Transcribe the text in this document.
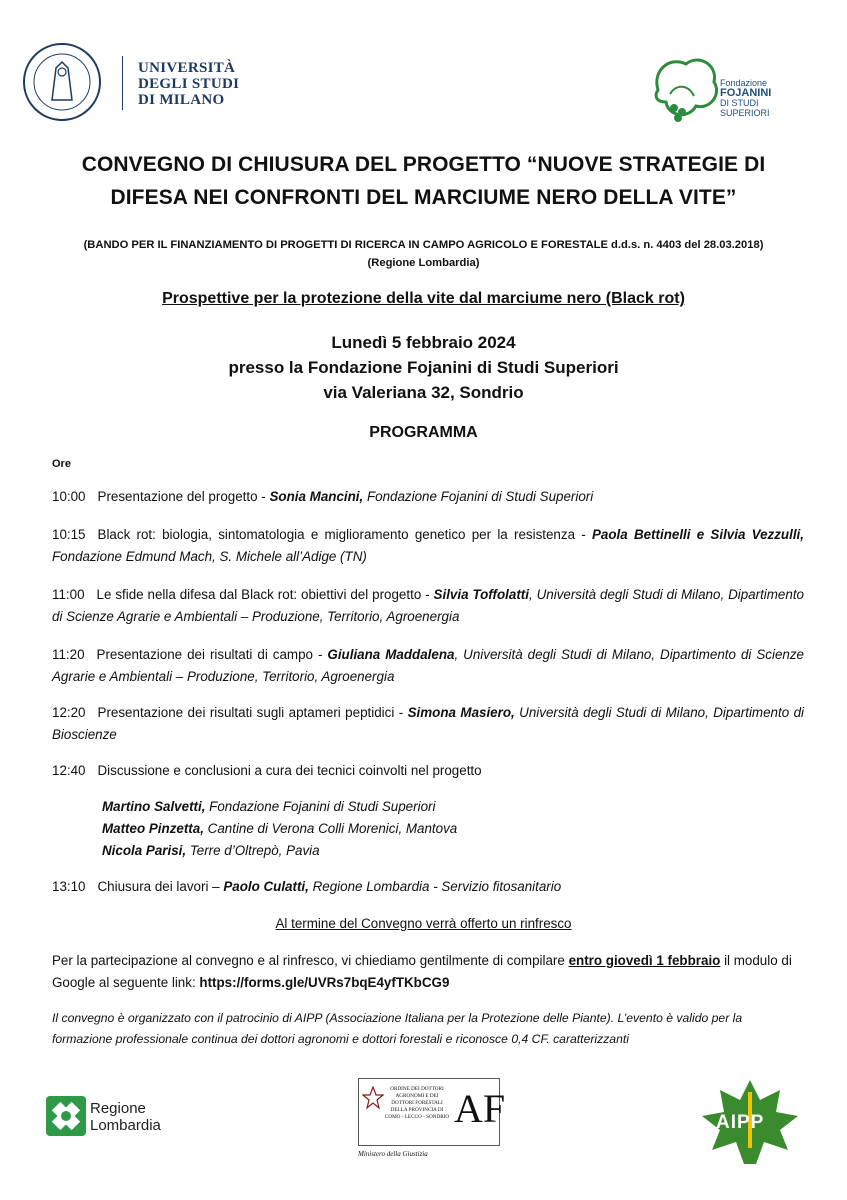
UNIVERSITÀ
DEGLI STUDI
DI MILANO
Fondazione
FOJANINI
DI STUDI
SUPERIORI
CONVEGNO DI CHIUSURA DEL PROGETTO “NUOVE STRATEGIE DI
DIFESA NEI CONFRONTI DEL MARCIUME NERO DELLA VITE”
(BANDO PER IL FINANZIAMENTO DI PROGETTI DI RICERCA IN CAMPO AGRICOLO E FORESTALE d.d.s. n. 4403 del 28.03.2018)
(Regione Lombardia)
Prospettive per la protezione della vite dal marciume nero (Black rot)
Lunedì 5 febbraio 2024
presso la Fondazione Fojanini di Studi Superiori
via Valeriana 32, Sondrio
PROGRAMMA
Ore
10:00 Presentazione del progetto - Sonia Mancini, Fondazione Fojanini di Studi Superiori
10:15 Black rot: biologia, sintomatologia e miglioramento genetico per la resistenza - Paola Bettinelli e Silvia Vezzulli, Fondazione Edmund Mach, S. Michele all’Adige (TN)
11:00 Le sfide nella difesa dal Black rot: obiettivi del progetto - Silvia Toffolatti, Università degli Studi di Milano, Dipartimento di Scienze Agrarie e Ambientali – Produzione, Territorio, Agroenergia
11:20 Presentazione dei risultati di campo - Giuliana Maddalena, Università degli Studi di Milano, Dipartimento di Scienze Agrarie e Ambientali – Produzione, Territorio, Agroenergia
12:20 Presentazione dei risultati sugli aptameri peptidici - Simona Masiero, Università degli Studi di Milano, Dipartimento di Bioscienze
12:40 Discussione e conclusioni a cura dei tecnici coinvolti nel progetto
Martino Salvetti, Fondazione Fojanini di Studi Superiori
Matteo Pinzetta, Cantine di Verona Colli Morenici, Mantova
Nicola Parisi, Terre d’Oltrepò, Pavia
13:10 Chiusura dei lavori – Paolo Culatti, Regione Lombardia - Servizio fitosanitario
Al termine del Convegno verrà offerto un rinfresco
Per la partecipazione al convegno e al rinfresco, vi chiediamo gentilmente di compilare entro giovedì 1 febbraio il modulo di Google al seguente link: https://forms.gle/UVRs7bqE4yfTKbCG9
Il convegno è organizzato con il patrocinio di AIPP (Associazione Italiana per la Protezione delle Piante). L’evento è valido per la formazione professionale continua dei dottori agronomi e dottori forestali e riconosce 0,4 CF. caratterizzanti
Regione
Lombardia
ORDINE DEI DOTTORI AGRONOMI E DEI DOTTORI FORESTALI DELLA PROVINCIA DI COMO - LECCO - SONDRIO AF
Ministero della Giustizia
AIPP
